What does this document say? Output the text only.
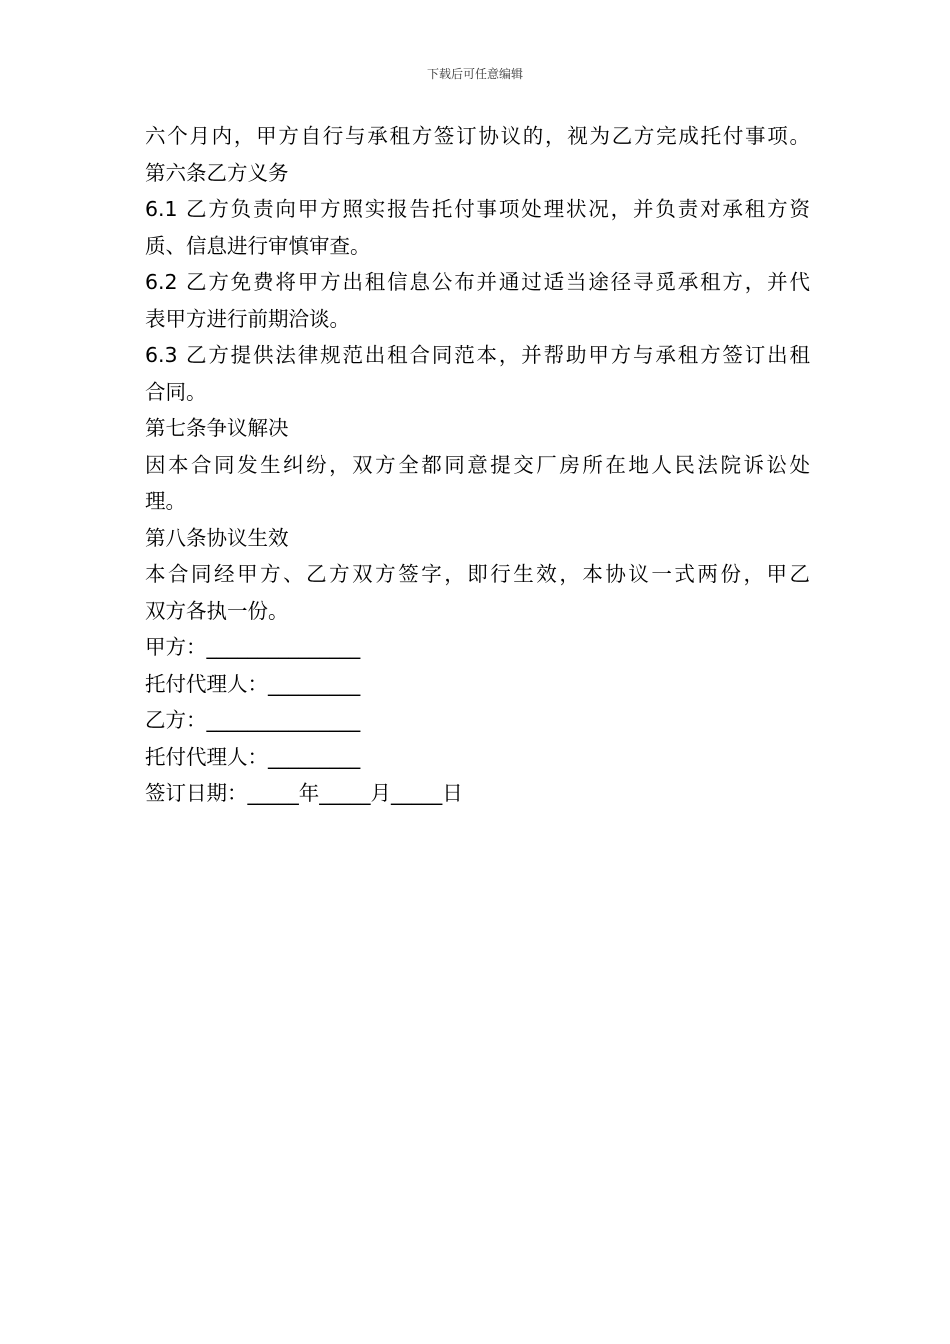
下载后可任意编辑
六个月内，甲方自行与承租方签订协议的，视为乙方完成托付事项。
第六条乙方义务
6.1 乙方负责向甲方照实报告托付事项处理状况，并负责对承租方资
质、信息进行审慎审查。
6.2 乙方免费将甲方出租信息公布并通过适当途径寻觅承租方，并代
表甲方进行前期洽谈。
6.3 乙方提供法律规范出租合同范本，并帮助甲方与承租方签订出租
合同。
第七条争议解决
因本合同发生纠纷，双方全都同意提交厂房所在地人民法院诉讼处
理。
第八条协议生效
本合同经甲方、乙方双方签字，即行生效，本协议一式两份，甲乙
双方各执一份。
甲方：_______________
托付代理人：_________
乙方：_______________
托付代理人：_________
签订日期：_____年_____月_____日
